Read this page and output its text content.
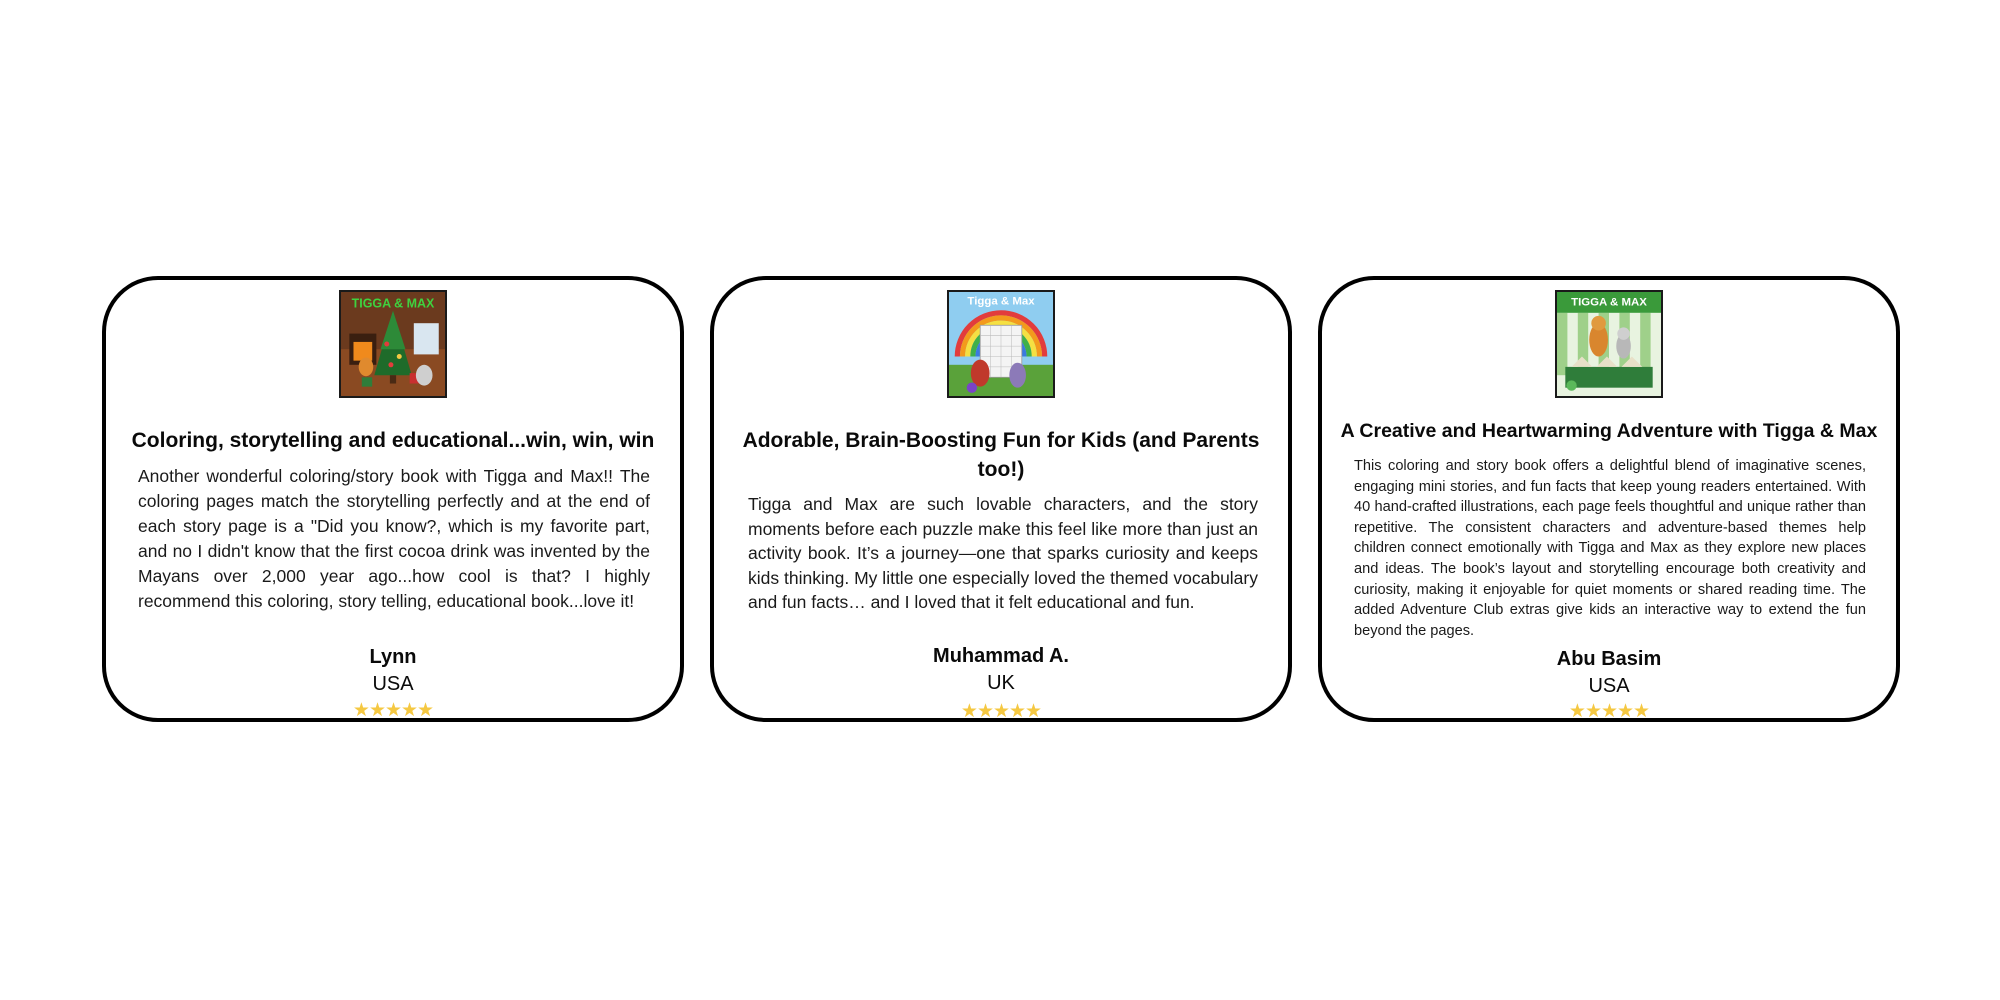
TIGGA & MAX

Coloring, storytelling and educational...win, win, win

Another wonderful coloring/story book with Tigga and Max!! The coloring pages match the storytelling perfectly and at the end of each story page is a "Did you know?, which is my favorite part, and no I didn't know that the first cocoa drink was invented by the Mayans over 2,000 year ago...how cool is that? I highly recommend this coloring, story telling, educational book...love it!

Lynn
USA
★★★★★
Tigga & Max

Adorable, Brain-Boosting Fun for Kids (and Parents too!)

Tigga and Max are such lovable characters, and the story moments before each puzzle make this feel like more than just an activity book. It’s a journey—one that sparks curiosity and keeps kids thinking. My little one especially loved the themed vocabulary and fun facts… and I loved that it felt educational and fun.

Muhammad A.
UK
★★★★★
TIGGA & MAX

A Creative and Heartwarming Adventure with Tigga & Max

This coloring and story book offers a delightful blend of imaginative scenes, engaging mini stories, and fun facts that keep young readers entertained. With 40 hand-crafted illustrations, each page feels thoughtful and unique rather than repetitive. The consistent characters and adventure-based themes help children connect emotionally with Tigga and Max as they explore new places and ideas. The book’s layout and storytelling encourage both creativity and curiosity, making it enjoyable for quiet moments or shared reading time. The added Adventure Club extras give kids an interactive way to extend the fun beyond the pages.

Abu Basim
USA
★★★★★
